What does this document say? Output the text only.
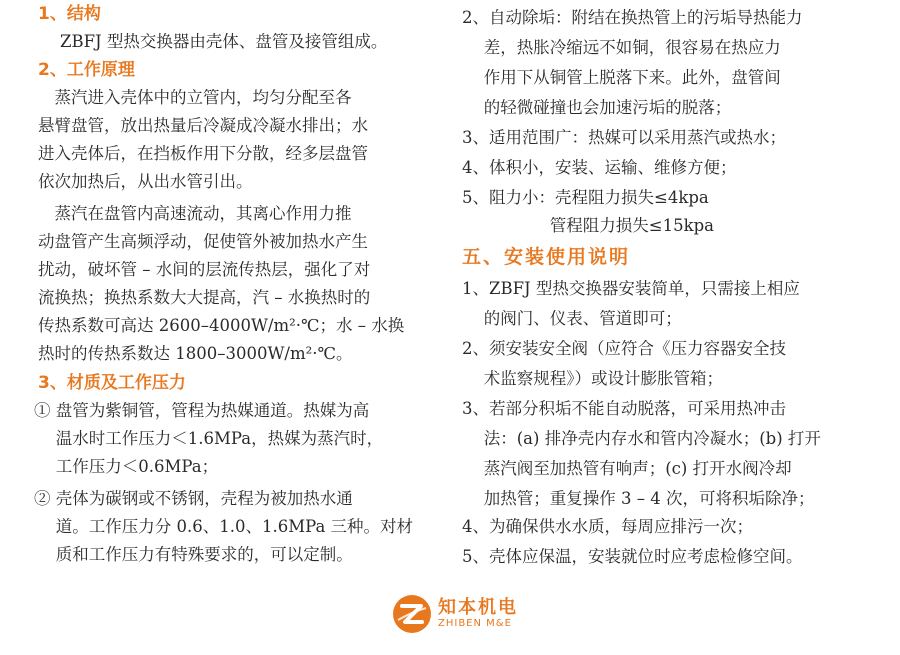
1、结构
ZBFJ 型热交换器由壳体、盘管及接管组成。
2、工作原理
　蒸汽进入壳体中的立管内，均匀分配至各
悬臂盘管，放出热量后冷凝成冷凝水排出；水
进入壳体后，在挡板作用下分散，经多层盘管
依次加热后，从出水管引出。
　蒸汽在盘管内高速流动，其离心作用力推
动盘管产生高频浮动，促使管外被加热水产生
扰动，破坏管 – 水间的层流传热层，强化了对
流换热；换热系数大大提高，汽 – 水换热时的
传热系数可高达 2600–4000W/m²·℃；水 – 水换
热时的传热系数达 1800–3000W/m²·℃。
3、材质及工作压力
① 盘管为紫铜管，管程为热媒通道。热媒为高
　 温水时工作压力＜1.6MPa，热媒为蒸汽时，
　 工作压力＜0.6MPa；
② 壳体为碳钢或不锈钢，壳程为被加热水通
　 道。工作压力分 0.6、1.0、1.6MPa 三种。对材
　 质和工作压力有特殊要求的，可以定制。
2、自动除垢：附结在换热管上的污垢导热能力
　 差，热胀冷缩远不如铜，很容易在热应力
　 作用下从铜管上脱落下来。此外，盘管间
　 的轻微碰撞也会加速污垢的脱落；
3、适用范围广：热媒可以采用蒸汽或热水；
4、体积小，安装、运输、维修方便；
5、阻力小：壳程阻力损失≤4kpa
　　　　　 管程阻力损失≤15kpa
五、安装使用说明
1、ZBFJ 型热交换器安装简单，只需接上相应
　 的阀门、仪表、管道即可；
2、须安装安全阀（应符合《压力容器安全技
　 术监察规程》）或设计膨胀管箱；
3、若部分积垢不能自动脱落，可采用热冲击
　 法：(a) 排净壳内存水和管内冷凝水；(b) 打开
　 蒸汽阀至加热管有响声；(c) 打开水阀冷却
　 加热管；重复操作 3 – 4 次，可将积垢除净；
4、为确保供水水质，每周应排污一次；
5、壳体应保温，安装就位时应考虑检修空间。
知本机电
ZHIBEN M&E
